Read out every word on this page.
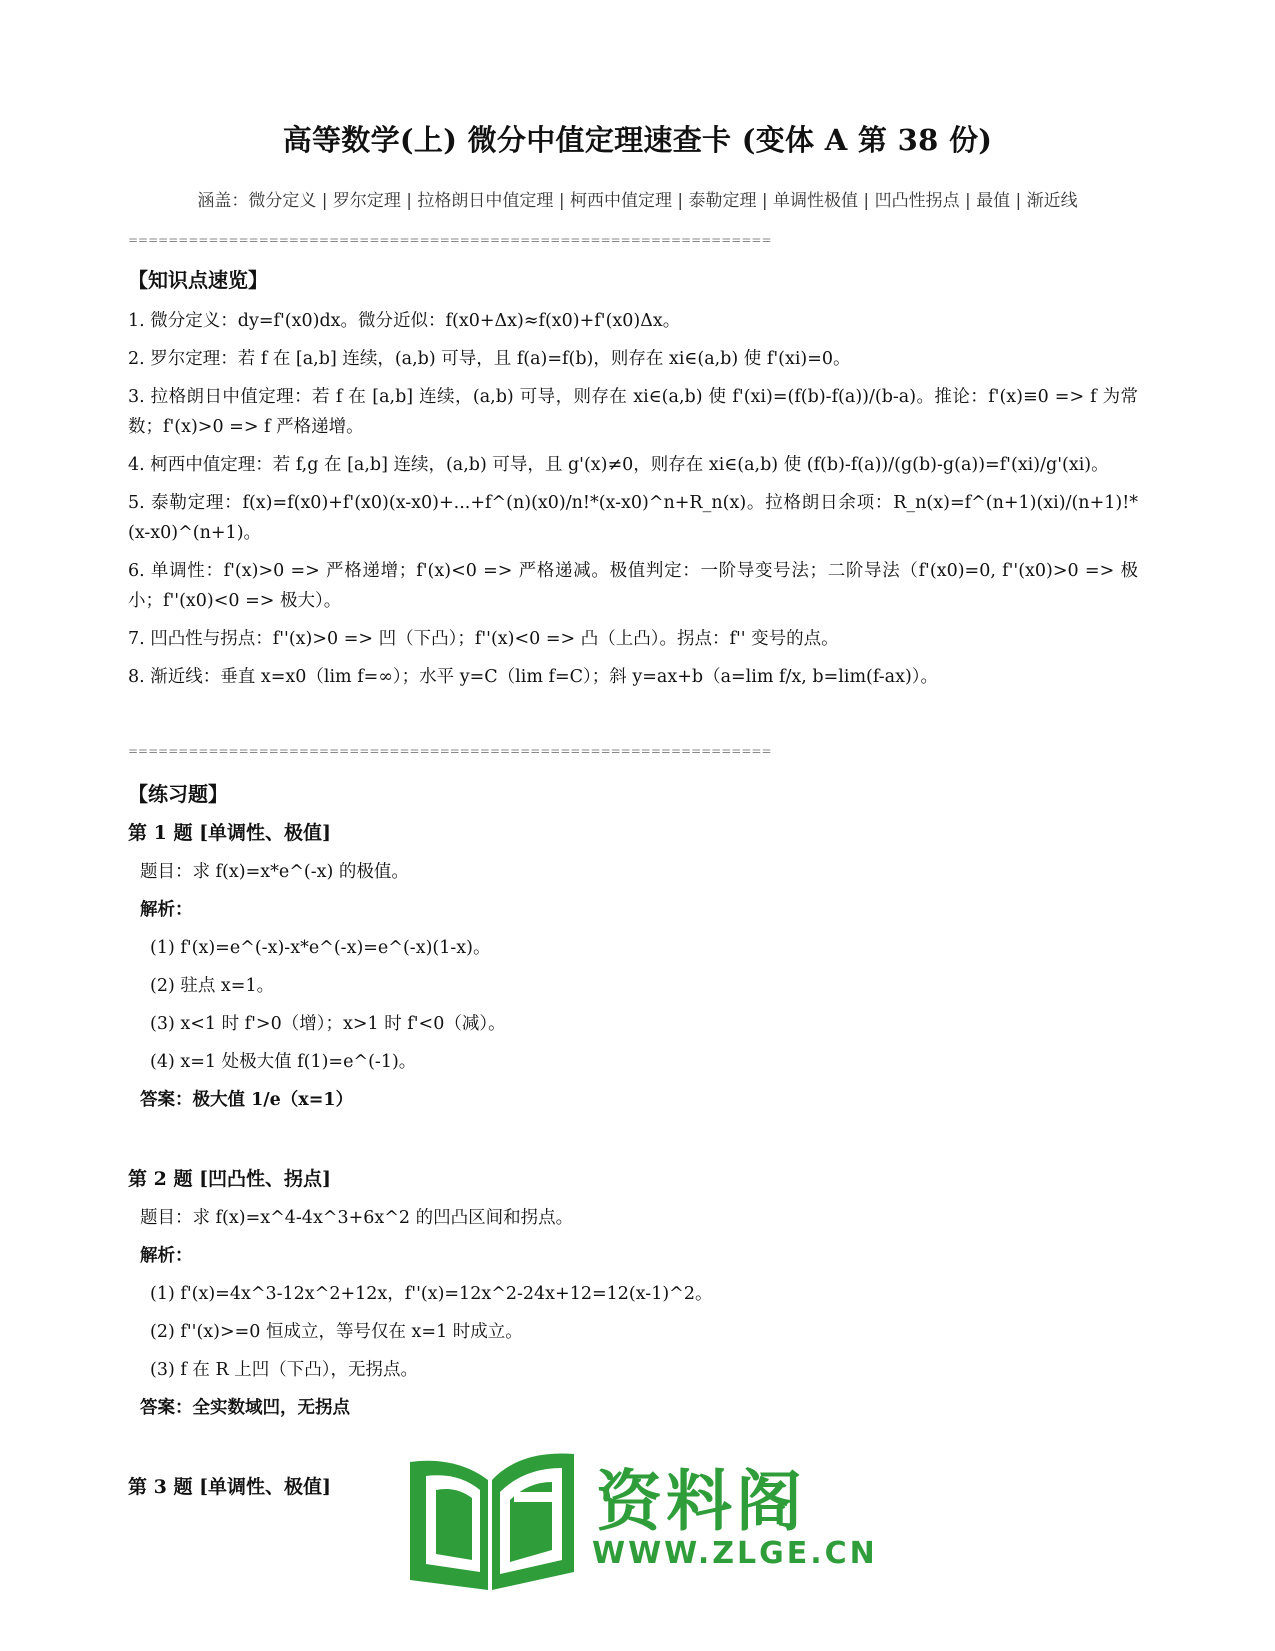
高等数学(上) 微分中值定理速查卡 (变体 A 第 38 份)
涵盖：微分定义 | 罗尔定理 | 拉格朗日中值定理 | 柯西中值定理 | 泰勒定理 | 单调性极值 | 凹凸性拐点 | 最值 | 渐近线
================================================================
【知识点速览】

1. 微分定义：dy=f'(x0)dx。微分近似：f(x0+Δx)≈f(x0)+f'(x0)Δx。

2. 罗尔定理：若 f 在 [a,b] 连续，(a,b) 可导，且 f(a)=f(b)，则存在 xi∈(a,b) 使 f'(xi)=0。

3. 拉格朗日中值定理：若 f 在 [a,b] 连续，(a,b) 可导，则存在 xi∈(a,b) 使 f'(xi)=(f(b)-f(a))/(b-a)。推论：f'(x)≡0 => f 为常数；f'(x)>0 => f 严格递增。

4. 柯西中值定理：若 f,g 在 [a,b] 连续，(a,b) 可导，且 g'(x)≠0，则存在 xi∈(a,b) 使 (f(b)-f(a))/(g(b)-g(a))=f'(xi)/g'(xi)。

5. 泰勒定理：f(x)=f(x0)+f'(x0)(x-x0)+...+f^(n)(x0)/n!*(x-x0)^n+R_n(x)。拉格朗日余项：R_n(x)=f^(n+1)(xi)/(n+1)!*(x-x0)^(n+1)。

6. 单调性：f'(x)>0 => 严格递增；f'(x)<0 => 严格递减。极值判定：一阶导变号法；二阶导法（f'(x0)=0, f''(x0)>0 => 极小；f''(x0)<0 => 极大）。

7. 凹凸性与拐点：f''(x)>0 => 凹（下凸）；f''(x)<0 => 凸（上凸）。拐点：f'' 变号的点。

8. 渐近线：垂直 x=x0（lim f=∞）；水平 y=C（lim f=C）；斜 y=ax+b（a=lim f/x, b=lim(f-ax)）。

================================================================
【练习题】
第 1 题 [单调性、极值]
题目：求 f(x)=x*e^(-x) 的极值。
解析：
(1) f'(x)=e^(-x)-x*e^(-x)=e^(-x)(1-x)。
(2) 驻点 x=1。
(3) x<1 时 f'>0（增）；x>1 时 f'<0（减）。
(4) x=1 处极大值 f(1)=e^(-1)。
答案：极大值 1/e（x=1）
第 2 题 [凹凸性、拐点]
题目：求 f(x)=x^4-4x^3+6x^2 的凹凸区间和拐点。
解析：
(1) f'(x)=4x^3-12x^2+12x，f''(x)=12x^2-24x+12=12(x-1)^2。
(2) f''(x)>=0 恒成立，等号仅在 x=1 时成立。
(3) f 在 R 上凹（下凸），无拐点。
答案：全实数域凹，无拐点
第 3 题 [单调性、极值]	资料阁
WWW.ZLGE.CN
